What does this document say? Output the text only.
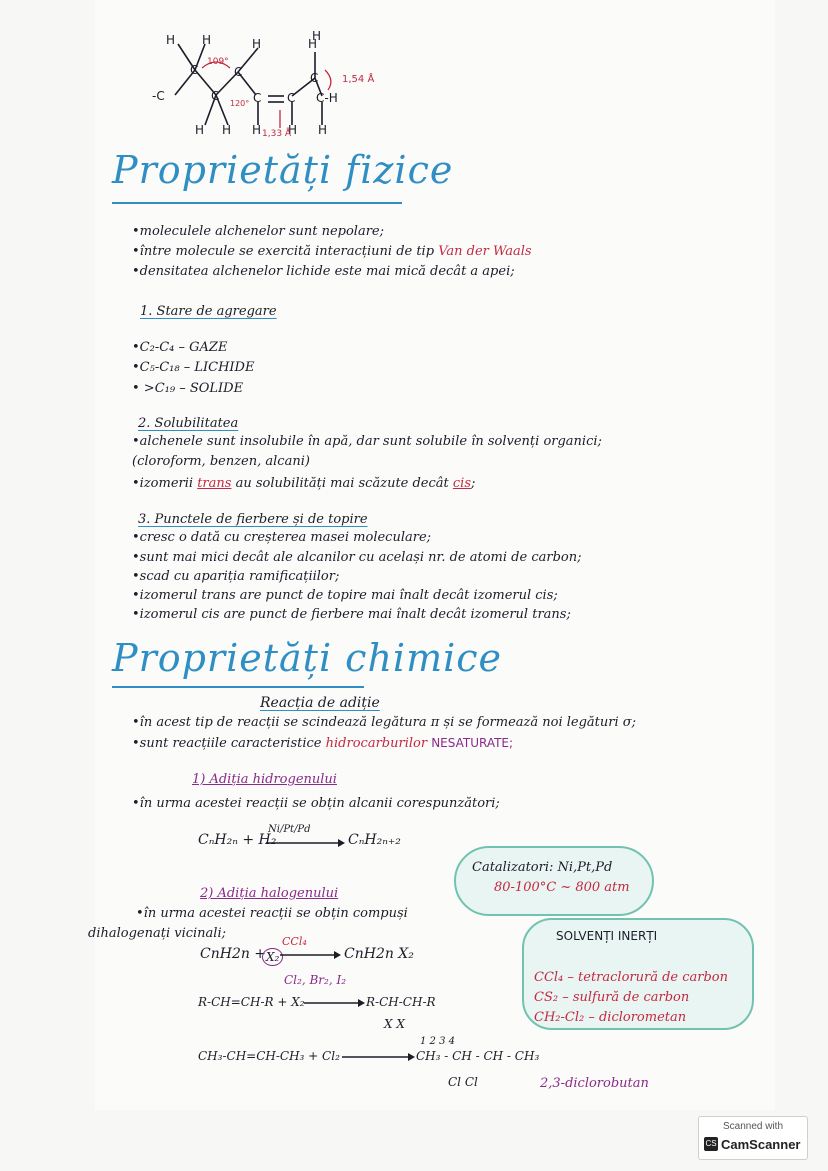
H H	H
C	C
-C	C	C C
H
H
C
C-H
H H H H H
109°
120°
1,33 Å
1,54 Å
Proprietăți fizice
•moleculele alchenelor sunt nepolare;
•între molecule se exercită interacțiuni de tip Van der Waals
•densitatea alchenelor lichide este mai mică decât a apei;
1. Stare de agregare
•C₂-C₄ – GAZE
•C₅-C₁₈ – LICHIDE
• >C₁₉ – SOLIDE
2. Solubilitatea
•alchenele sunt insolubile în apă, dar sunt solubile în solvenți organici;
(cloroform, benzen, alcani)
•izomerii trans au solubilități mai scăzute decât cis;
3. Punctele de fierbere și de topire
•cresc o dată cu creșterea masei moleculare;
•sunt mai mici decât ale alcanilor cu același nr. de atomi de carbon;
•scad cu apariția ramificațiilor;
•izomerul trans are punct de topire mai înalt decât izomerul cis;
•izomerul cis are punct de fierbere mai înalt decât izomerul trans;
Proprietăți chimice
Reacția de adiție
•în acest tip de reacții se scindează legătura π și se formează noi legături σ;
•sunt reacțiile caracteristice hidrocarburilor NESATURATE;
1) Adiția hidrogenului
•în urma acestei reacții se obțin alcanii corespunzători;
CₙH₂ₙ + H₂
Ni/Pt/Pd
CₙH₂ₙ₊₂
Catalizatori: Ni,Pt,Pd
80-100°C ~ 800 atm
2) Adiția halogenului
•în urma acestei reacții se obțin compuși
dihalogenați vicinali;
CnH2n + X₂
CCl₄
→ CnH2n X₂
Cl₂, Br₂, I₂
R-CH=CH-R + X₂ → R-CH-CH-R
X X
SOLVENȚI INERȚI
CCl₄ – tetraclorură de carbon
CS₂ – sulfură de carbon
CH₂-Cl₂ – diclorometan
1 2 3 4
CH₃-CH=CH-CH₃ + Cl₂	CH₃ - CH - CH - CH₃
Cl Cl	2,3-diclorobutan
Scanned with
CS CamScanner
